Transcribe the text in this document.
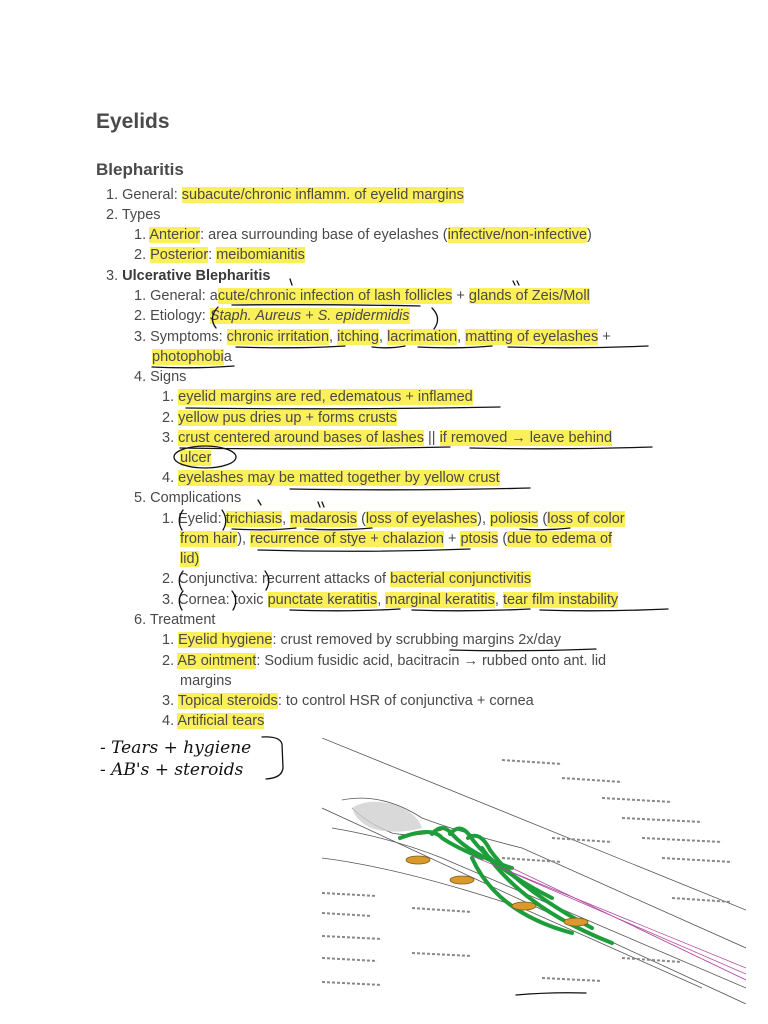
Eyelids
Blepharitis
1. General: subacute/chronic inflamm. of eyelid margins
2. Types
1. Anterior: area surrounding base of eyelashes (infective/non-infective)
2. Posterior: meibomianitis
3. Ulcerative Blepharitis
1. General: acute/chronic infection of lash follicles + glands of Zeis/Moll
2. Etiology: Staph. Aureus + S. epidermidis
3. Symptoms: chronic irritation, itching, lacrimation, matting of eyelashes +
photophobia
4. Signs
1. eyelid margins are red, edematous + inflamed
2. yellow pus dries up + forms crusts
3. crust centered around bases of lashes || if removed → leave behind
ulcer
4. eyelashes may be matted together by yellow crust
5. Complications
1. Eyelid: trichiasis, madarosis (loss of eyelashes), poliosis (loss of color
from hair), recurrence of stye + chalazion + ptosis (due to edema of
lid)
2. Conjunctiva: recurrent attacks of bacterial conjunctivitis
3. Cornea: toxic punctate keratitis, marginal keratitis, tear film instability
6. Treatment
1. Eyelid hygiene: crust removed by scrubbing margins 2x/day
2. AB ointment: Sodium fusidic acid, bacitracin → rubbed onto ant. lid
margins
3. Topical steroids: to control HSR of conjunctiva + cornea
4. Artificial tears
- Tears + hygiene
- AB's + steroids
